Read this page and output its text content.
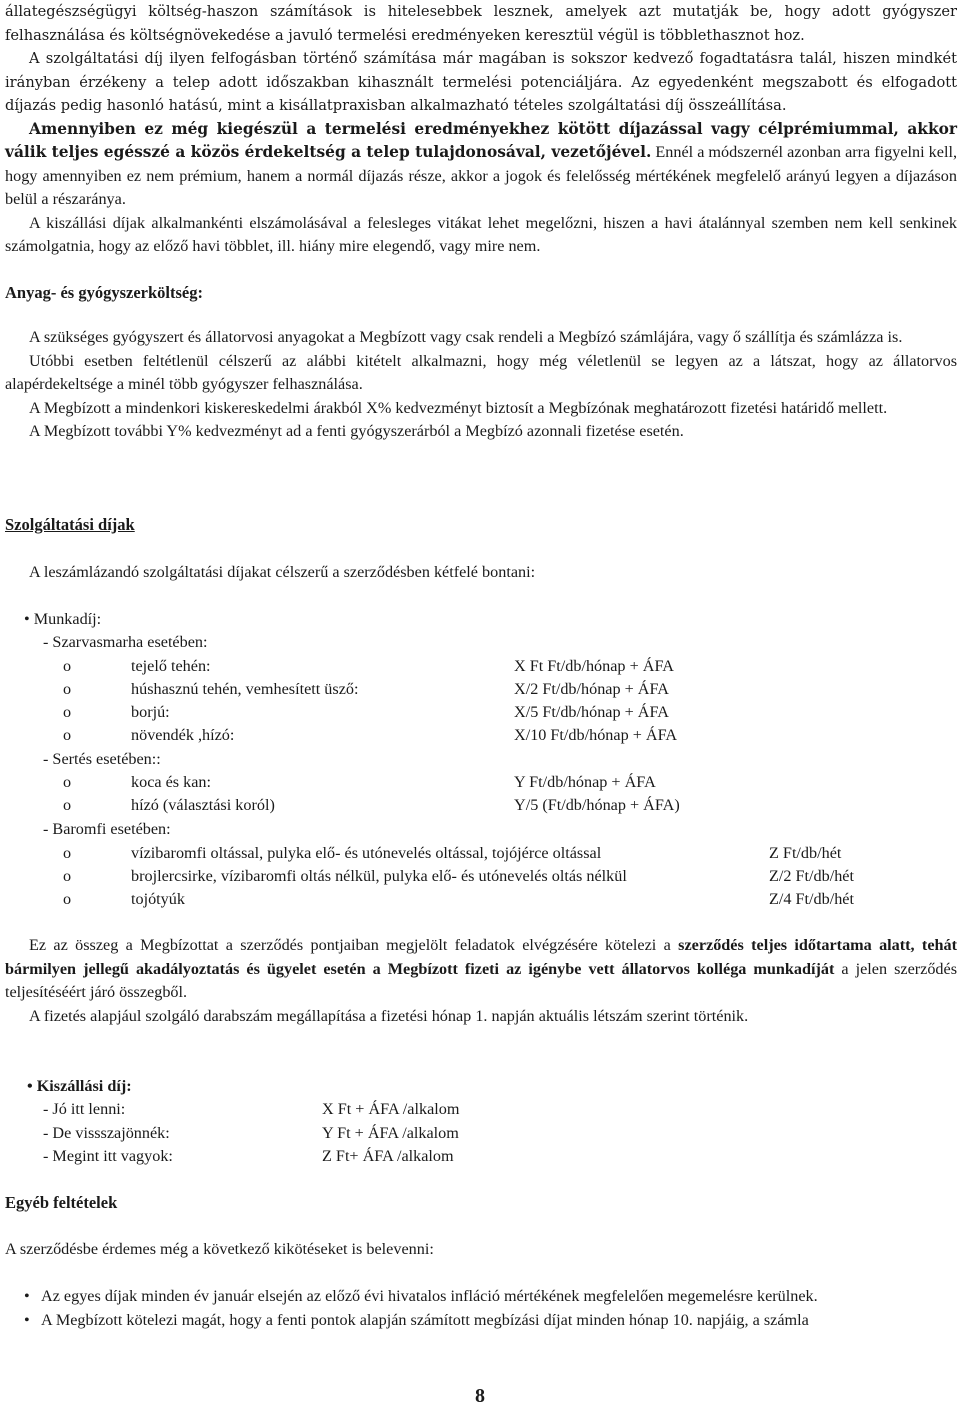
állategészségügyi költség-haszon számítások is hitelesebbek lesznek, amelyek azt mutatják be, hogy adott gyógyszer felhasználása és költségnövekedése a javuló termelési eredményeken keresztül végül is többlethasznot hoz.

A szolgáltatási díj ilyen felfogásban történő számítása már magában is sokszor kedvező fogadtatásra talál, hiszen mindkét irányban érzékeny a telep adott időszakban kihasznált termelési potenciáljára. Az egyedenként megszabott és elfogadott díjazás pedig hasonló hatású, mint a kisállatpraxisban alkalmazható tételes szolgáltatási díj összeállítása.

Amennyiben ez még kiegészül a termelési eredményekhez kötött díjazással vagy célprémiummal, akkor válik teljes egésszé a közös érdekeltség a telep tulajdonosával, vezetőjével. Ennél a módszernél azonban arra figyelni kell, hogy amennyiben ez nem prémium, hanem a normál díjazás része, akkor a jogok és felelősség mértékének megfelelő arányú legyen a díjazáson belül a részaránya.

A kiszállási díjak alkalmankénti elszámolásával a felesleges vitákat lehet megelőzni, hiszen a havi átalánnyal szemben nem kell senkinek számolgatnia, hogy az előző havi többlet, ill. hiány mire elegendő, vagy mire nem.

Anyag- és gyógyszerköltség:

A szükséges gyógyszert és állatorvosi anyagokat a Megbízott vagy csak rendeli a Megbízó számlájára, vagy ő szállítja és számlázza is.

Utóbbi esetben feltétlenül célszerű az alábbi kitételt alkalmazni, hogy még véletlenül se legyen az a látszat, hogy az állatorvos alapérdekeltsége a minél több gyógyszer felhasználása.

A Megbízott a mindenkori kiskereskedelmi árakból X% kedvezményt biztosít a Megbízónak meghatározott fizetési határidő mellett.

A Megbízott további Y% kedvezményt ad a fenti gyógyszerárból a Megbízó azonnali fizetése esetén.

Szolgáltatási díjak

A leszámlázandó szolgáltatási díjakat célszerű a szerződésben kétfelé bontani:

• Munkadíj:
- Szarvasmarha esetében:
o	tejelő tehén:	X Ft Ft/db/hónap + ÁFA
o	húshasznú tehén, vemhesített üsző:	X/2 Ft/db/hónap + ÁFA
o	borjú:	X/5 Ft/db/hónap + ÁFA
o	növendék ,hízó:	X/10 Ft/db/hónap + ÁFA
- Sertés esetében::
o	koca és kan:	Y Ft/db/hónap + ÁFA
o	hízó (választási koról)	Y/5 (Ft/db/hónap + ÁFA)
- Baromfi esetében:
o	vízibaromfi oltással, pulyka elő- és utónevelés oltással, tojójérce oltással	Z Ft/db/hét
o	brojlercsirke, vízibaromfi oltás nélkül, pulyka elő- és utónevelés oltás nélkül	Z/2 Ft/db/hét
o	tojótyúk	Z/4 Ft/db/hét

Ez az összeg a Megbízottat a szerződés pontjaiban megjelölt feladatok elvégzésére kötelezi a szerződés teljes időtartama alatt, tehát bármilyen jellegű akadályoztatás és ügyelet esetén a Megbízott fizeti az igénybe vett állatorvos kolléga munkadíját a jelen szerződés teljesítéséért járó összegből.

A fizetés alapjául szolgáló darabszám megállapítása a fizetési hónap 1. napján aktuális létszám szerint történik.

• Kiszállási díj:
- Jó itt lenni:	X Ft + ÁFA /alkalom
- De vissszajönnék:	Y Ft + ÁFA /alkalom
- Megint itt vagyok:	Z Ft+ ÁFA /alkalom
Egyéb feltételek

A szerződésbe érdemes még a következő kikötéseket is belevenni:

• Az egyes díjak minden év január elsején az előző évi hivatalos infláció mértékének megfelelően megemelésre kerülnek.
• A Megbízott kötelezi magát, hogy a fenti pontok alapján számított megbízási díjat minden hónap 10. napjáig, a számla
8
